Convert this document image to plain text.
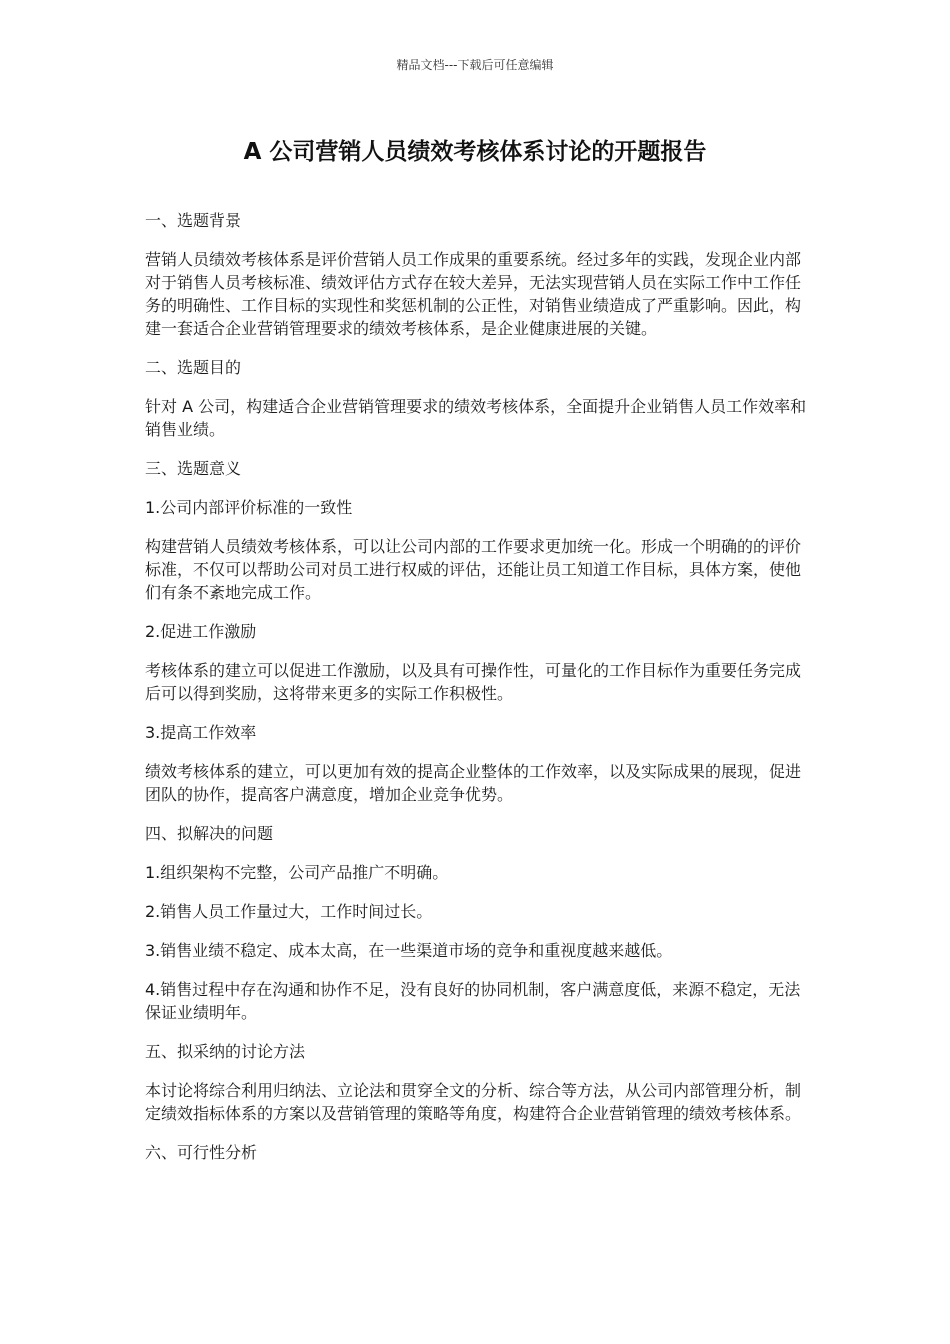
精品文档---下载后可任意编辑
A 公司营销人员绩效考核体系讨论的开题报告

一、选题背景

营销人员绩效考核体系是评价营销人员工作成果的重要系统。经过多年的实践，发现企业内部对于销售人员考核标准、绩效评估方式存在较大差异，无法实现营销人员在实际工作中工作任务的明确性、工作目标的实现性和奖惩机制的公正性，对销售业绩造成了严重影响。因此，构建一套适合企业营销管理要求的绩效考核体系，是企业健康进展的关键。

二、选题目的

针对 A 公司，构建适合企业营销管理要求的绩效考核体系，全面提升企业销售人员工作效率和销售业绩。

三、选题意义

1.公司内部评价标准的一致性

构建营销人员绩效考核体系，可以让公司内部的工作要求更加统一化。形成一个明确的的评价标准，不仅可以帮助公司对员工进行权威的评估，还能让员工知道工作目标，具体方案，使他们有条不紊地完成工作。

2.促进工作激励

考核体系的建立可以促进工作激励，以及具有可操作性，可量化的工作目标作为重要任务完成后可以得到奖励，这将带来更多的实际工作积极性。

3.提高工作效率

绩效考核体系的建立，可以更加有效的提高企业整体的工作效率，以及实际成果的展现，促进团队的协作，提高客户满意度，增加企业竞争优势。

四、拟解决的问题

1.组织架构不完整，公司产品推广不明确。

2.销售人员工作量过大，工作时间过长。

3.销售业绩不稳定、成本太高，在一些渠道市场的竞争和重视度越来越低。

4.销售过程中存在沟通和协作不足，没有良好的协同机制，客户满意度低，来源不稳定，无法保证业绩明年。

五、拟采纳的讨论方法

本讨论将综合利用归纳法、立论法和贯穿全文的分析、综合等方法，从公司内部管理分析，制定绩效指标体系的方案以及营销管理的策略等角度，构建符合企业营销管理的绩效考核体系。

六、可行性分析
